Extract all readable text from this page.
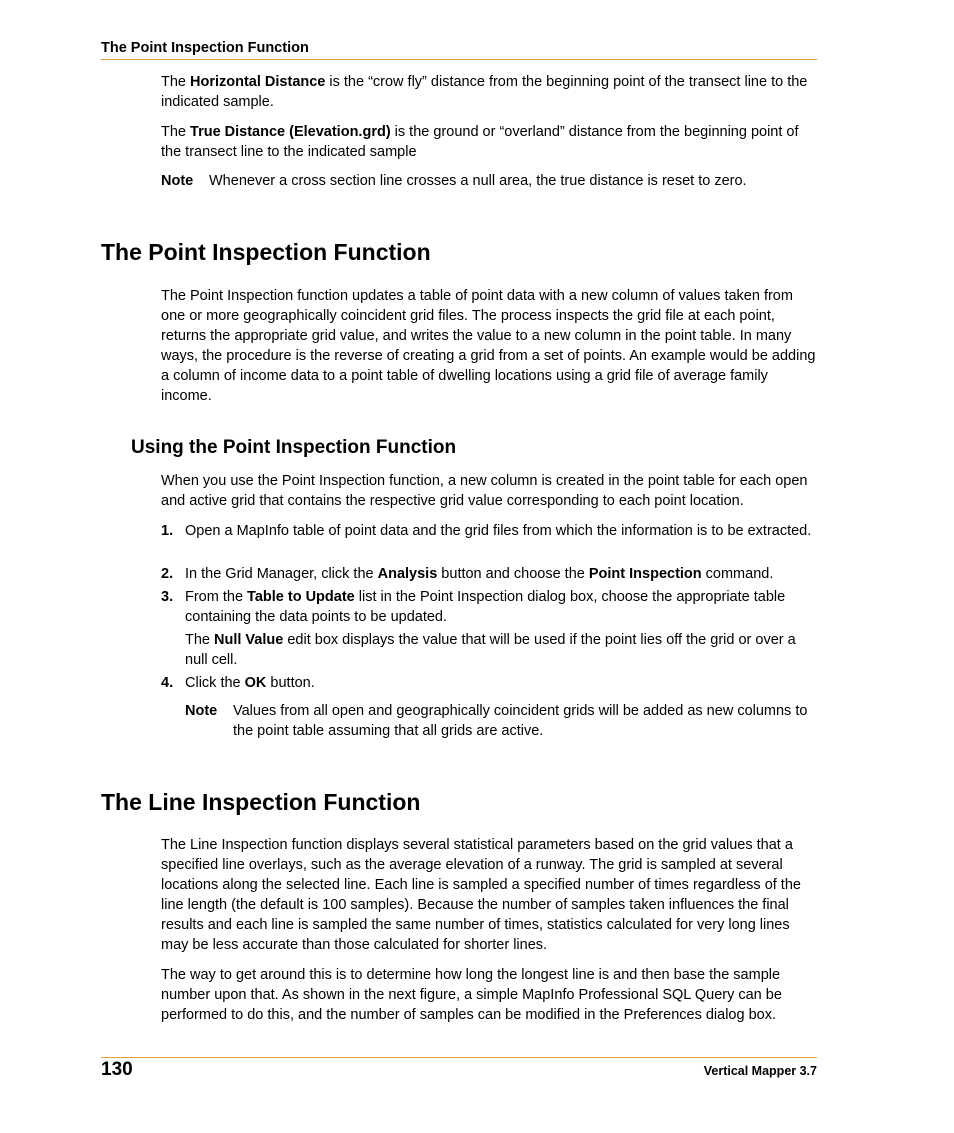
The Point Inspection Function
The Horizontal Distance is the “crow fly” distance from the beginning point of the transect line to the indicated sample.
The True Distance (Elevation.grd) is the ground or “overland” distance from the beginning point of the transect line to the indicated sample
Note Whenever a cross section line crosses a null area, the true distance is reset to zero.
The Point Inspection Function
The Point Inspection function updates a table of point data with a new column of values taken from one or more geographically coincident grid files. The process inspects the grid file at each point, returns the appropriate grid value, and writes the value to a new column in the point table. In many ways, the procedure is the reverse of creating a grid from a set of points. An example would be adding a column of income data to a point table of dwelling locations using a grid file of average family income.
Using the Point Inspection Function
When you use the Point Inspection function, a new column is created in the point table for each open and active grid that contains the respective grid value corresponding to each point location.
1. Open a MapInfo table of point data and the grid files from which the information is to be extracted.
2. In the Grid Manager, click the Analysis button and choose the Point Inspection command.
3. From the Table to Update list in the Point Inspection dialog box, choose the appropriate table containing the data points to be updated.
The Null Value edit box displays the value that will be used if the point lies off the grid or over a null cell.
4. Click the OK button.
Note Values from all open and geographically coincident grids will be added as new columns to the point table assuming that all grids are active.
The Line Inspection Function
The Line Inspection function displays several statistical parameters based on the grid values that a specified line overlays, such as the average elevation of a runway. The grid is sampled at several locations along the selected line. Each line is sampled a specified number of times regardless of the line length (the default is 100 samples). Because the number of samples taken influences the final results and each line is sampled the same number of times, statistics calculated for very long lines may be less accurate than those calculated for shorter lines.
The way to get around this is to determine how long the longest line is and then base the sample number upon that. As shown in the next figure, a simple MapInfo Professional SQL Query can be performed to do this, and the number of samples can be modified in the Preferences dialog box.
130	Vertical Mapper 3.7
